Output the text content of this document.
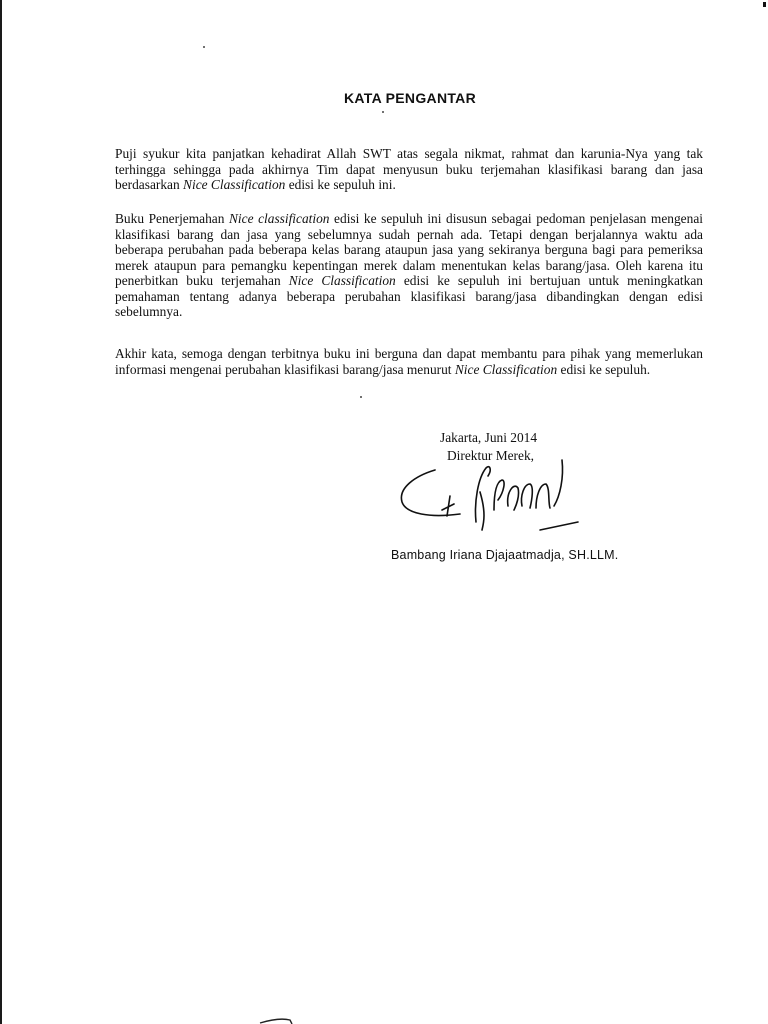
KATA PENGANTAR

Puji syukur kita panjatkan kehadirat Allah SWT atas segala nikmat, rahmat dan karunia-Nya yang tak terhingga sehingga pada akhirnya Tim dapat menyusun buku terjemahan klasifikasi barang dan jasa berdasarkan Nice Classification edisi ke sepuluh ini.

Buku Penerjemahan Nice classification edisi ke sepuluh ini disusun sebagai pedoman penjelasan mengenai klasifikasi barang dan jasa yang sebelumnya sudah pernah ada. Tetapi dengan berjalannya waktu ada beberapa perubahan pada beberapa kelas barang ataupun jasa yang sekiranya berguna bagi para pemeriksa merek ataupun para pemangku kepentingan merek dalam menentukan kelas barang/jasa. Oleh karena itu penerbitkan buku terjemahan Nice Classification edisi ke sepuluh ini bertujuan untuk meningkatkan pemahaman tentang adanya beberapa perubahan klasifikasi barang/jasa dibandingkan dengan edisi sebelumnya.

Akhir kata, semoga dengan terbitnya buku ini berguna dan dapat membantu para pihak yang memerlukan informasi mengenai perubahan klasifikasi barang/jasa menurut Nice Classification edisi ke sepuluh.

Jakarta, Juni 2014
Direktur Merek,
Bambang Iriana Djajaatmadja, SH.LLM.
